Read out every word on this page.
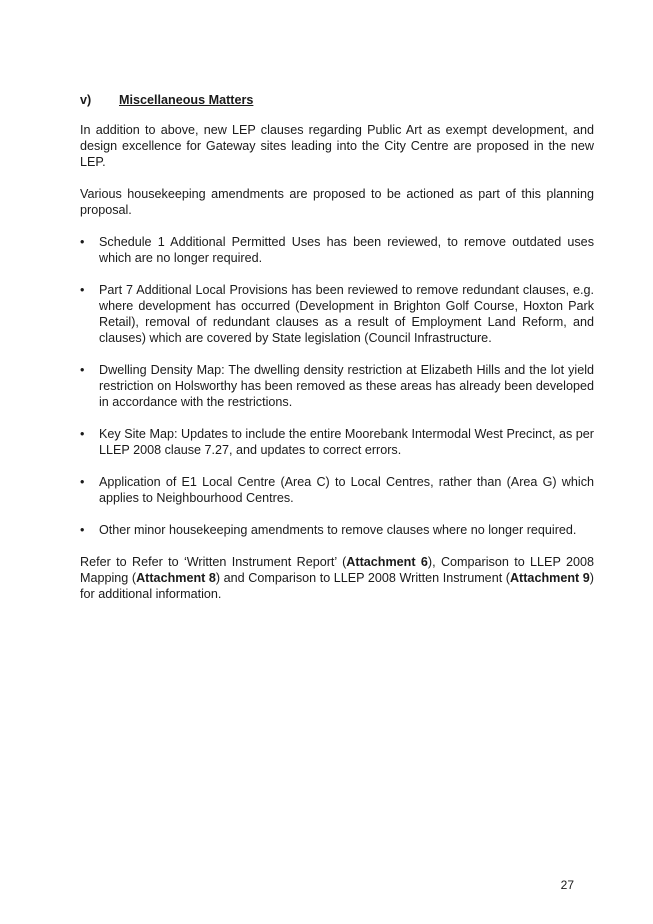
v)	Miscellaneous Matters

In addition to above, new LEP clauses regarding Public Art as exempt development, and design excellence for Gateway sites leading into the City Centre are proposed in the new LEP.

Various housekeeping amendments are proposed to be actioned as part of this planning proposal.

• Schedule 1 Additional Permitted Uses has been reviewed, to remove outdated uses which are no longer required.
• Part 7 Additional Local Provisions has been reviewed to remove redundant clauses, e.g. where development has occurred (Development in Brighton Golf Course, Hoxton Park Retail), removal of redundant clauses as a result of Employment Land Reform, and clauses) which are covered by State legislation (Council Infrastructure.
• Dwelling Density Map: The dwelling density restriction at Elizabeth Hills and the lot yield restriction on Holsworthy has been removed as these areas has already been developed in accordance with the restrictions.
• Key Site Map: Updates to include the entire Moorebank Intermodal West Precinct, as per LLEP 2008 clause 7.27, and updates to correct errors.
• Application of E1 Local Centre (Area C) to Local Centres, rather than (Area G) which applies to Neighbourhood Centres.
• Other minor housekeeping amendments to remove clauses where no longer required.

Refer to Refer to ‘Written Instrument Report’ (Attachment 6), Comparison to LLEP 2008 Mapping (Attachment 8) and Comparison to LLEP 2008 Written Instrument (Attachment 9) for additional information.

27
